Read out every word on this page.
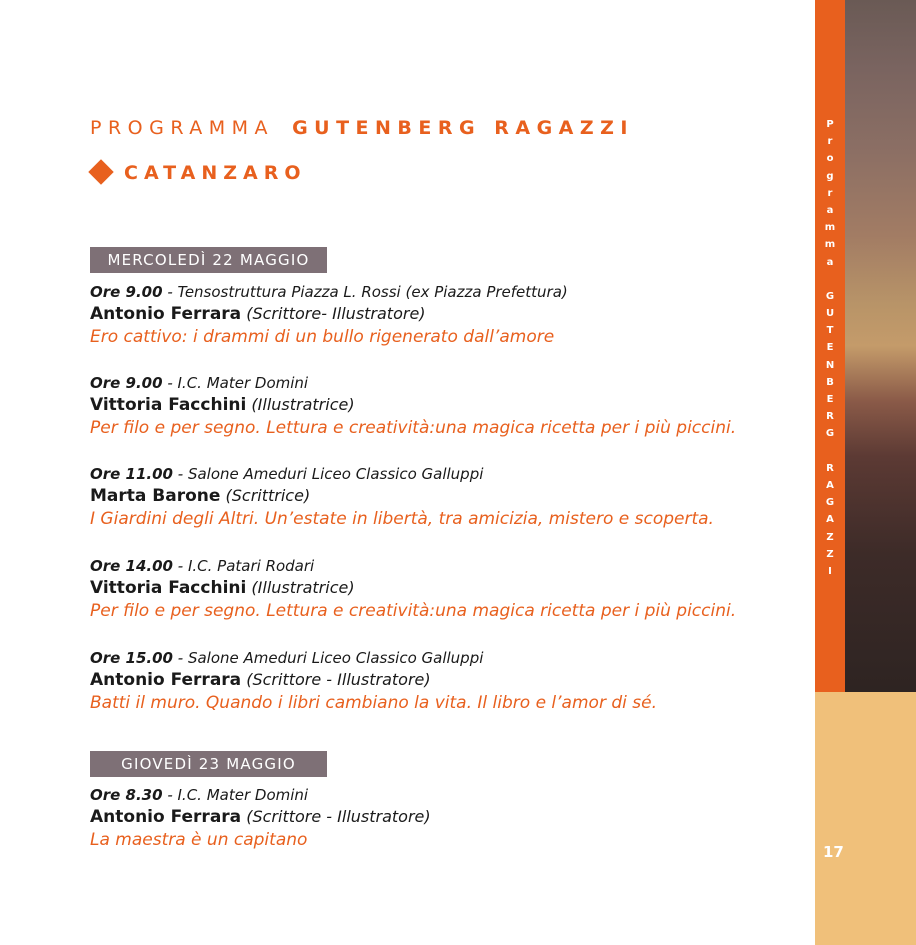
PROGRAMMA GUTENBERG RAGAZZI
CATANZARO
MERCOLEDÌ 22 MAGGIO
Ore 9.00 - Tensostruttura Piazza L. Rossi (ex Piazza Prefettura)
Antonio Ferrara (Scrittore- Illustratore)
Ero cattivo: i drammi di un bullo rigenerato dall’amore
Ore 9.00 - I.C. Mater Domini
Vittoria Facchini (Illustratrice)
Per filo e per segno. Lettura e creatività:una magica ricetta per i più piccini.
Ore 11.00 - Salone Ameduri Liceo Classico Galluppi
Marta Barone (Scrittrice)
I Giardini degli Altri. Un’estate in libertà, tra amicizia, mistero e scoperta.
Ore 14.00 - I.C. Patari Rodari
Vittoria Facchini (Illustratrice)
Per filo e per segno. Lettura e creatività:una magica ricetta per i più piccini.
Ore 15.00 - Salone Ameduri Liceo Classico Galluppi
Antonio Ferrara (Scrittore - Illustratore)
Batti il muro. Quando i libri cambiano la vita. Il libro e l’amor di sé.
GIOVEDÌ 23 MAGGIO
Ore 8.30 - I.C. Mater Domini
Antonio Ferrara (Scrittore - Illustratore)
La maestra è un capitano
P
r
o
g
r
a
m
m
a

G
U
T
E
N
B
E
R
G

R
A
G
A
Z
Z
I
17
